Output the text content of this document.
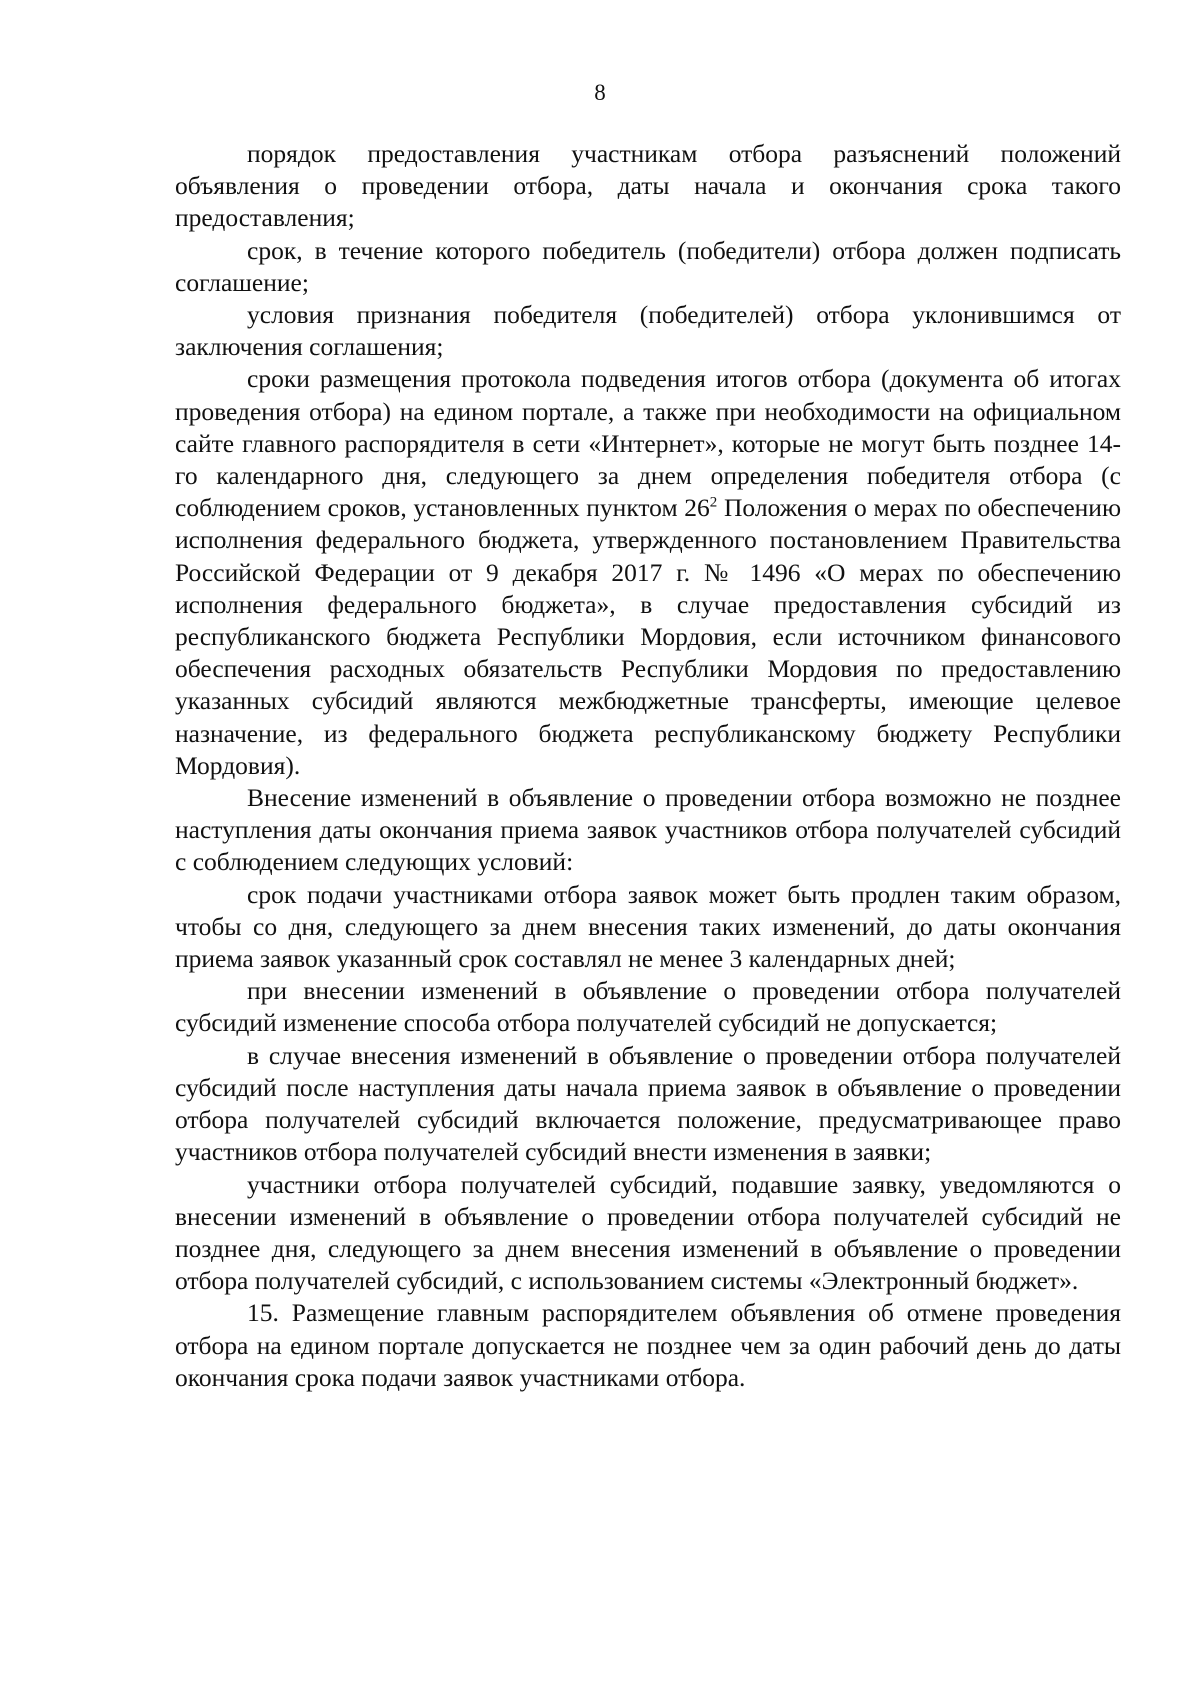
8

порядок предоставления участникам отбора разъяснений положений объявления о проведении отбора, даты начала и окончания срока такого предоставления;

срок, в течение которого победитель (победители) отбора должен подписать соглашение;

условия признания победителя (победителей) отбора уклонившимся от заключения соглашения;

сроки размещения протокола подведения итогов отбора (документа об итогах проведения отбора) на едином портале, а также при необходимости на официальном сайте главного распорядителя в сети «Интернет», которые не могут быть позднее 14-го календарного дня, следующего за днем определения победителя отбора (с соблюдением сроков, установленных пунктом $26^2$ Положения о мерах по обеспечению исполнения федерального бюджета, утвержденного постановлением Правительства Российской Федерации от 9 декабря 2017 г. № 1496 «О мерах по обеспечению исполнения федерального бюджета», в случае предоставления субсидий из республиканского бюджета Республики Мордовия, если источником финансового обеспечения расходных обязательств Республики Мордовия по предоставлению указанных субсидий являются межбюджетные трансферты, имеющие целевое назначение, из федерального бюджета республиканскому бюджету Республики Мордовия).

Внесение изменений в объявление о проведении отбора возможно не позднее наступления даты окончания приема заявок участников отбора получателей субсидий с соблюдением следующих условий:

срок подачи участниками отбора заявок может быть продлен таким образом, чтобы со дня, следующего за днем внесения таких изменений, до даты окончания приема заявок указанный срок составлял не менее 3 календарных дней;

при внесении изменений в объявление о проведении отбора получателей субсидий изменение способа отбора получателей субсидий не допускается;

в случае внесения изменений в объявление о проведении отбора получателей субсидий после наступления даты начала приема заявок в объявление о проведении отбора получателей субсидий включается положение, предусматривающее право участников отбора получателей субсидий внести изменения в заявки;

участники отбора получателей субсидий, подавшие заявку, уведомляются о внесении изменений в объявление о проведении отбора получателей субсидий не позднее дня, следующего за днем внесения изменений в объявление о проведении отбора получателей субсидий, с использованием системы «Электронный бюджет».

15. Размещение главным распорядителем объявления об отмене проведения отбора на едином портале допускается не позднее чем за один рабочий день до даты окончания срока подачи заявок участниками отбора.
